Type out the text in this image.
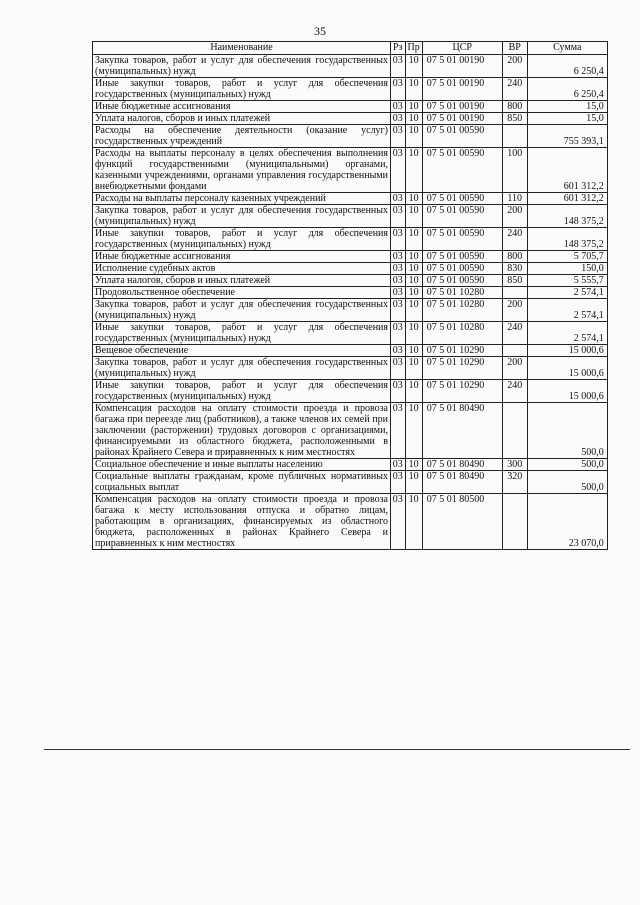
35
Наименование	Рз	Пр	ЦСР	ВР	Сумма
Закупка товаров, работ и услуг для обеспечения государственных (муниципальных) нужд	03	10	07 5 01 00190	200	6 250,4
Иные закупки товаров, работ и услуг для обеспечения государственных (муниципальных) нужд	03	10	07 5 01 00190	240	6 250,4
Иные бюджетные ассигнования	03	10	07 5 01 00190	800	15,0
Уплата налогов, сборов и иных платежей	03	10	07 5 01 00190	850	15,0
Расходы на обеспечение деятельности (оказание услуг) государственных учреждений	03	10	07 5 01 00590		755 393,1
Расходы на выплаты персоналу в целях обеспечения выполнения функций государственными (муниципальными) органами, казенными учреждениями, органами управления государственными внебюджетными фондами	03	10	07 5 01 00590	100	601 312,2
Расходы на выплаты персоналу казенных учреждений	03	10	07 5 01 00590	110	601 312,2
Закупка товаров, работ и услуг для обеспечения государственных (муниципальных) нужд	03	10	07 5 01 00590	200	148 375,2
Иные закупки товаров, работ и услуг для обеспечения государственных (муниципальных) нужд	03	10	07 5 01 00590	240	148 375,2
Иные бюджетные ассигнования	03	10	07 5 01 00590	800	5 705,7
Исполнение судебных актов	03	10	07 5 01 00590	830	150,0
Уплата налогов, сборов и иных платежей	03	10	07 5 01 00590	850	5 555,7
Продовольственное обеспечение	03	10	07 5 01 10280		2 574,1
Закупка товаров, работ и услуг для обеспечения государственных (муниципальных) нужд	03	10	07 5 01 10280	200	2 574,1
Иные закупки товаров, работ и услуг для обеспечения государственных (муниципальных) нужд	03	10	07 5 01 10280	240	2 574,1
Вещевое обеспечение	03	10	07 5 01 10290		15 000,6
Закупка товаров, работ и услуг для обеспечения государственных (муниципальных) нужд	03	10	07 5 01 10290	200	15 000,6
Иные закупки товаров, работ и услуг для обеспечения государственных (муниципальных) нужд	03	10	07 5 01 10290	240	15 000,6
Компенсация расходов на оплату стоимости проезда и провоза багажа при переезде лиц (работников), а также членов их семей при заключении (расторжении) трудовых договоров с организациями, финансируемыми из областного бюджета, расположенными в районах Крайнего Севера и приравненных к ним местностях	03	10	07 5 01 80490		500,0
Социальное обеспечение и иные выплаты населению	03	10	07 5 01 80490	300	500,0
Социальные выплаты гражданам, кроме публичных нормативных социальных выплат	03	10	07 5 01 80490	320	500,0
Компенсация расходов на оплату стоимости проезда и провоза багажа к месту использования отпуска и обратно лицам, работающим в организациях, финансируемых из областного бюджета, расположенных в районах Крайнего Севера и приравненных к ним местностях	03	10	07 5 01 80500		23 070,0
